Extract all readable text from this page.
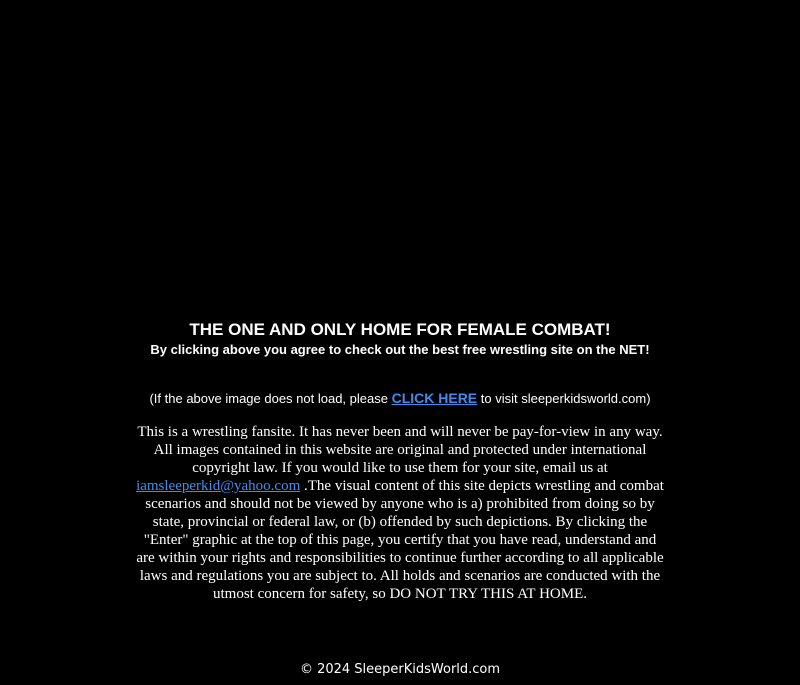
THE ONE AND ONLY HOME FOR FEMALE COMBAT!

By clicking above you agree to check out the best free wrestling site on the NET!

(If the above image does not load, please CLICK HERE to visit sleeperkidsworld.com)

This is a wrestling fansite. It has never been and will never be pay-for-view in any way. All images contained in this website are original and protected under international copyright law. If you would like to use them for your site, email us at iamsleeperkid@yahoo.com .The visual content of this site depicts wrestling and combat scenarios and should not be viewed by anyone who is a) prohibited from doing so by state, provincial or federal law, or (b) offended by such depictions. By clicking the "Enter" graphic at the top of this page, you certify that you have read, understand and are within your rights and responsibilities to continue further according to all applicable laws and regulations you are subject to. All holds and scenarios are conducted with the utmost concern for safety, so DO NOT TRY THIS AT HOME.

© 2024 SleeperKidsWorld.com
